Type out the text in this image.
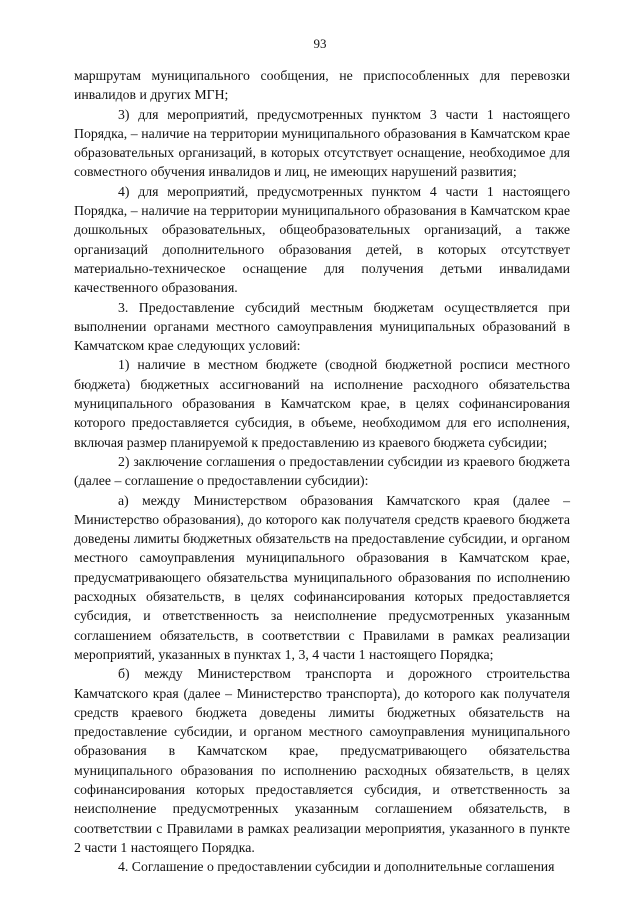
93

маршрутам муниципального сообщения, не приспособленных для перевозки инвалидов и других МГН;

3) для мероприятий, предусмотренных пунктом 3 части 1 настоящего Порядка, – наличие на территории муниципального образования в Камчатском крае образовательных организаций, в которых отсутствует оснащение, необходимое для совместного обучения инвалидов и лиц, не имеющих нарушений развития;

4) для мероприятий, предусмотренных пунктом 4 части 1 настоящего Порядка, – наличие на территории муниципального образования в Камчатском крае дошкольных образовательных, общеобразовательных организаций, а также организаций дополнительного образования детей, в которых отсутствует материально-техническое оснащение для получения детьми инвалидами качественного образования.

3. Предоставление субсидий местным бюджетам осуществляется при выполнении органами местного самоуправления муниципальных образований в Камчатском крае следующих условий:

1) наличие в местном бюджете (сводной бюджетной росписи местного бюджета) бюджетных ассигнований на исполнение расходного обязательства муниципального образования в Камчатском крае, в целях софинансирования которого предоставляется субсидия, в объеме, необходимом для его исполнения, включая размер планируемой к предоставлению из краевого бюджета субсидии;

2) заключение соглашения о предоставлении субсидии из краевого бюджета (далее – соглашение о предоставлении субсидии):

а) между Министерством образования Камчатского края (далее – Министерство образования), до которого как получателя средств краевого бюджета доведены лимиты бюджетных обязательств на предоставление субсидии, и органом местного самоуправления муниципального образования в Камчатском крае, предусматривающего обязательства муниципального образования по исполнению расходных обязательств, в целях софинансирования которых предоставляется субсидия, и ответственность за неисполнение предусмотренных указанным соглашением обязательств, в соответствии с Правилами в рамках реализации мероприятий, указанных в пунктах 1, 3, 4 части 1 настоящего Порядка;

б) между Министерством транспорта и дорожного строительства Камчатского края (далее – Министерство транспорта), до которого как получателя средств краевого бюджета доведены лимиты бюджетных обязательств на предоставление субсидии, и органом местного самоуправления муниципального образования в Камчатском крае, предусматривающего обязательства муниципального образования по исполнению расходных обязательств, в целях софинансирования которых предоставляется субсидия, и ответственность за неисполнение предусмотренных указанным соглашением обязательств, в соответствии с Правилами в рамках реализации мероприятия, указанного в пункте 2 части 1 настоящего Порядка.

4. Соглашение о предоставлении субсидии и дополнительные соглашения
